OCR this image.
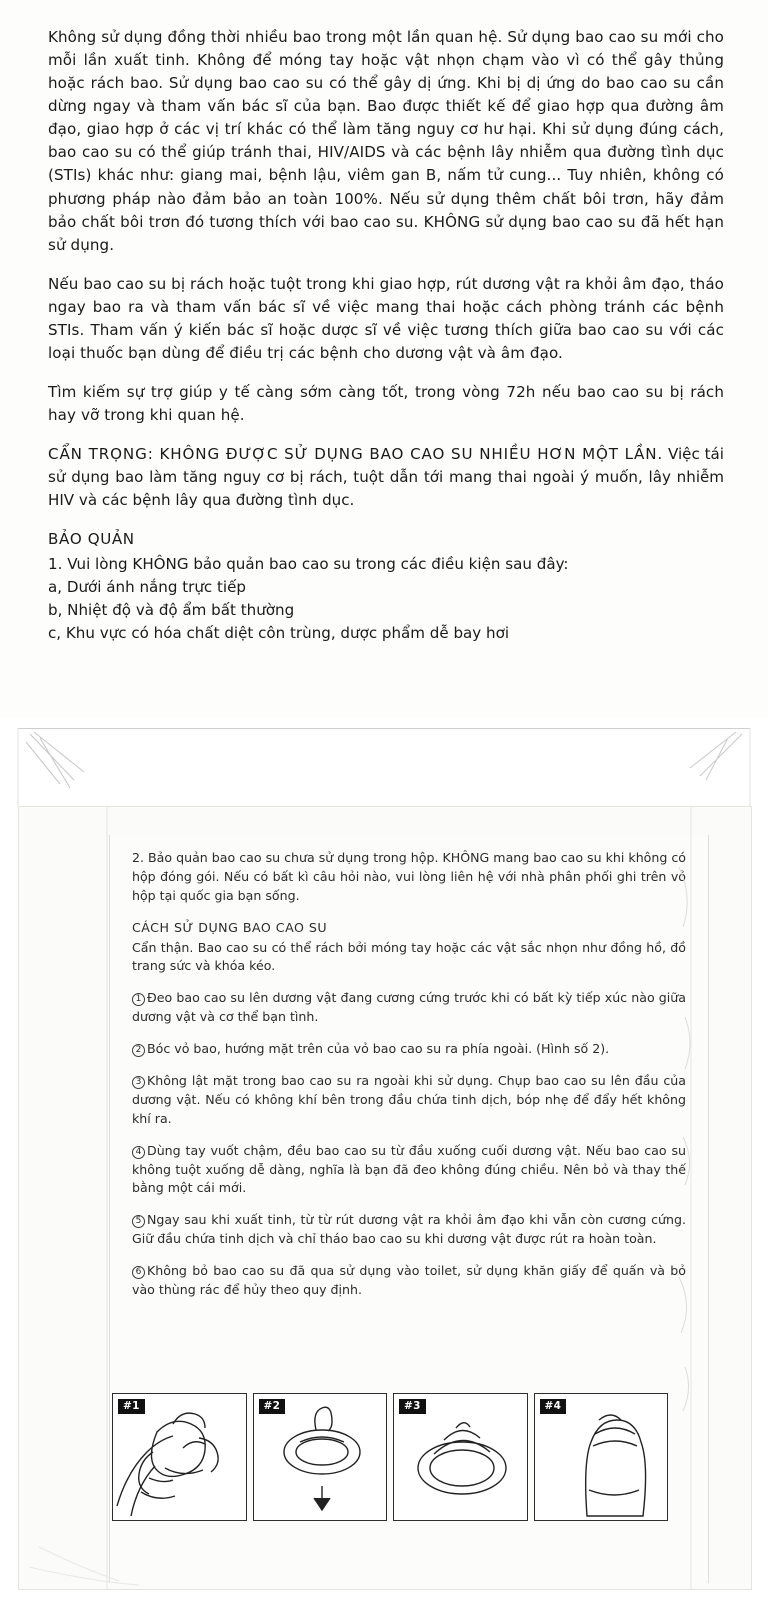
Không sử dụng đồng thời nhiều bao trong một lần quan hệ. Sử dụng bao cao su mới cho mỗi lần xuất tinh. Không để móng tay hoặc vật nhọn chạm vào vì có thể gây thủng hoặc rách bao. Sử dụng bao cao su có thể gây dị ứng. Khi bị dị ứng do bao cao su cần dừng ngay và tham vấn bác sĩ của bạn. Bao được thiết kế để giao hợp qua đường âm đạo, giao hợp ở các vị trí khác có thể làm tăng nguy cơ hư hại. Khi sử dụng đúng cách, bao cao su có thể giúp tránh thai, HIV/AIDS và các bệnh lây nhiễm qua đường tình dục (STIs) khác như: giang mai, bệnh lậu, viêm gan B, nấm tử cung... Tuy nhiên, không có phương pháp nào đảm bảo an toàn 100%. Nếu sử dụng thêm chất bôi trơn, hãy đảm bảo chất bôi trơn đó tương thích với bao cao su. KHÔNG sử dụng bao cao su đã hết hạn sử dụng.

Nếu bao cao su bị rách hoặc tuột trong khi giao hợp, rút dương vật ra khỏi âm đạo, tháo ngay bao ra và tham vấn bác sĩ về việc mang thai hoặc cách phòng tránh các bệnh STIs. Tham vấn ý kiến bác sĩ hoặc dược sĩ về việc tương thích giữa bao cao su với các loại thuốc bạn dùng để điều trị các bệnh cho dương vật và âm đạo.

Tìm kiếm sự trợ giúp y tế càng sớm càng tốt, trong vòng 72h nếu bao cao su bị rách hay vỡ trong khi quan hệ.

CẨN TRỌNG: KHÔNG ĐƯỢC SỬ DỤNG BAO CAO SU NHIỀU HƠN MỘT LẦN. Việc tái sử dụng bao làm tăng nguy cơ bị rách, tuột dẫn tới mang thai ngoài ý muốn, lây nhiễm HIV và các bệnh lây qua đường tình dục.

BẢO QUẢN

1. Vui lòng KHÔNG bảo quản bao cao su trong các điều kiện sau đây:

a, Dưới ánh nắng trực tiếp

b, Nhiệt độ và độ ẩm bất thường

c, Khu vực có hóa chất diệt côn trùng, dược phẩm dễ bay hơi

2. Bảo quản bao cao su chưa sử dụng trong hộp. KHÔNG mang bao cao su khi không có hộp đóng gói. Nếu có bất kì câu hỏi nào, vui lòng liên hệ với nhà phân phối ghi trên vỏ hộp tại quốc gia bạn sống.

CÁCH SỬ DỤNG BAO CAO SU

Cẩn thận. Bao cao su có thể rách bởi móng tay hoặc các vật sắc nhọn như đồng hồ, đồ trang sức và khóa kéo.

1 Đeo bao cao su lên dương vật đang cương cứng trước khi có bất kỳ tiếp xúc nào giữa dương vật và cơ thể bạn tình.

2 Bóc vỏ bao, hướng mặt trên của vỏ bao cao su ra phía ngoài. (Hình số 2).

3 Không lật mặt trong bao cao su ra ngoài khi sử dụng. Chụp bao cao su lên đầu của dương vật. Nếu có không khí bên trong đầu chứa tinh dịch, bóp nhẹ để đẩy hết không khí ra.

4 Dùng tay vuốt chậm, đều bao cao su từ đầu xuống cuối dương vật. Nếu bao cao su không tuột xuống dễ dàng, nghĩa là bạn đã đeo không đúng chiều. Nên bỏ và thay thế bằng một cái mới.

5 Ngay sau khi xuất tinh, từ từ rút dương vật ra khỏi âm đạo khi vẫn còn cương cứng. Giữ đầu chứa tinh dịch và chỉ tháo bao cao su khi dương vật được rút ra hoàn toàn.

6 Không bỏ bao cao su đã qua sử dụng vào toilet, sử dụng khăn giấy để quấn và bỏ vào thùng rác để hủy theo quy định.

#1	#2	#3	#4
